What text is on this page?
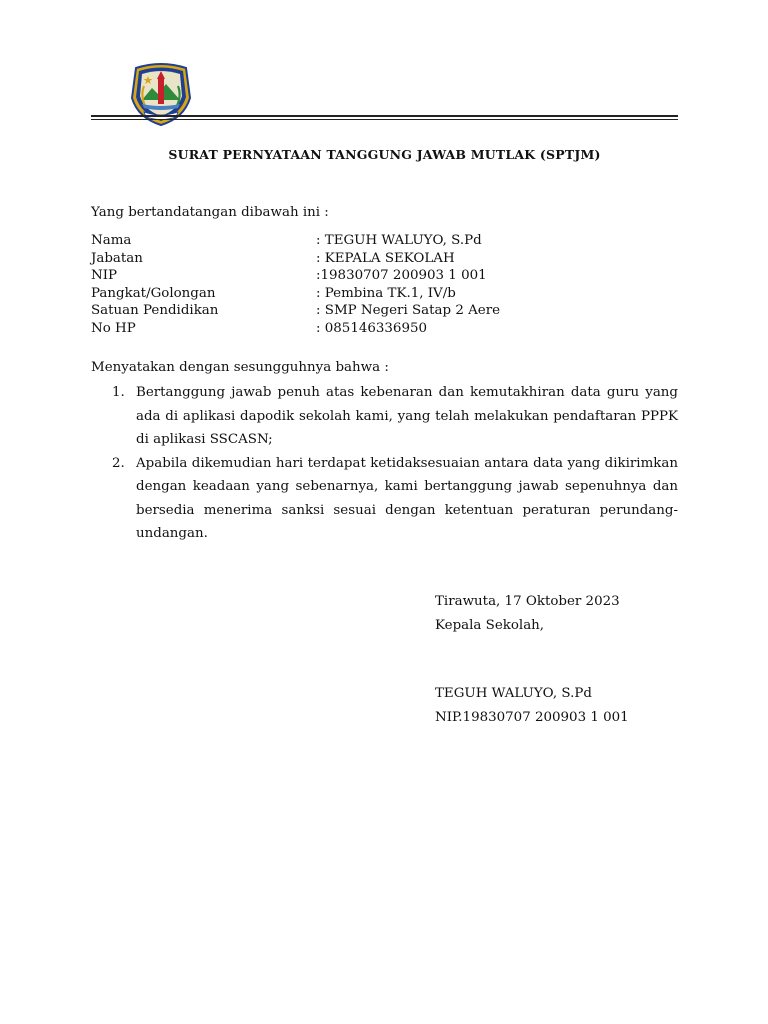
SURAT PERNYATAAN TANGGUNG JAWAB MUTLAK (SPTJM)
Yang bertandatangan dibawah ini :
Nama	: TEGUH WALUYO, S.Pd
Jabatan	: KEPALA SEKOLAH
NIP	:19830707 200903 1 001
Pangkat/Golongan	: Pembina TK.1, IV/b
Satuan Pendidikan	: SMP Negeri Satap 2 Aere
No HP	: 085146336950
Menyatakan dengan sesungguhnya bahwa :
1. Bertanggung jawab penuh atas kebenaran dan kemutakhiran data guru yang ada di aplikasi dapodik sekolah kami, yang telah melakukan pendaftaran PPPK di aplikasi SSCASN;
2. Apabila dikemudian hari terdapat ketidaksesuaian antara data yang dikirimkan dengan keadaan yang sebenarnya, kami bertanggung jawab sepenuhnya dan bersedia menerima sanksi sesuai dengan ketentuan peraturan perundang-undangan.
Tirawuta, 17 Oktober 2023
Kepala Sekolah,
TEGUH WALUYO, S.Pd
NIP.19830707 200903 1 001
